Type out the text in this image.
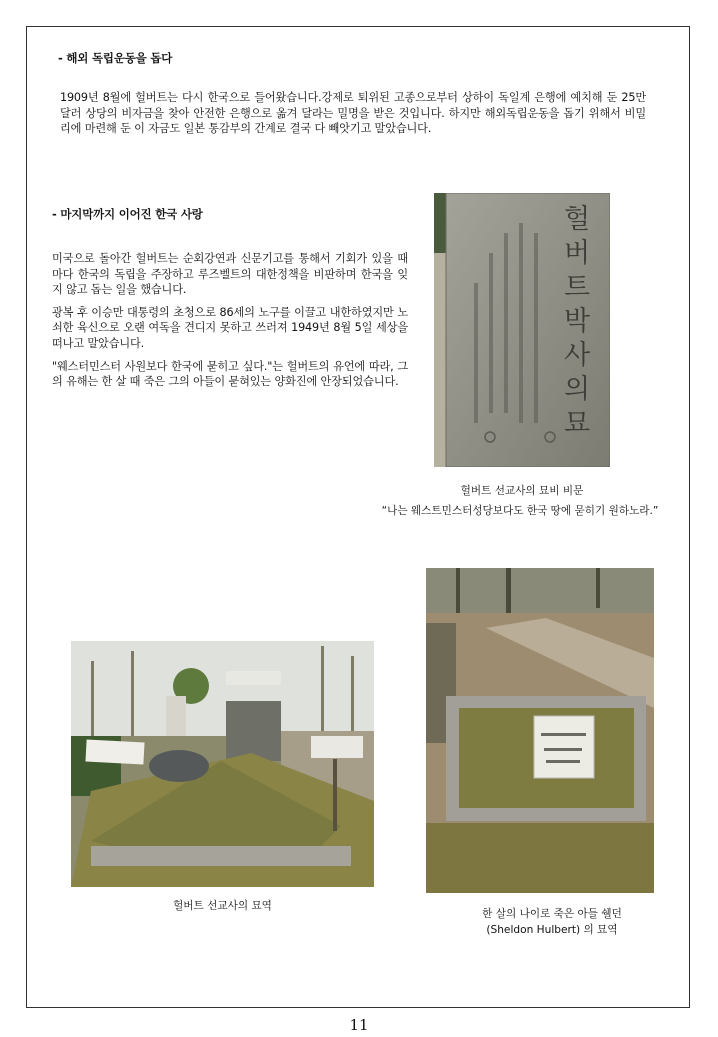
- 해외 독립운동을 돕다

1909년 8월에 헐버트는 다시 한국으로 들어왔습니다.강제로 퇴위된 고종으로부터 상하이 독일계 은행에 예치해 둔 25만 달러 상당의 비자금을 찾아 안전한 은행으로 옮겨 달라는 밀명을 받은 것입니다. 하지만 해외독립운동을 돕기 위해서 비밀리에 마련해 둔 이 자금도 일본 통감부의 간계로 결국 다 빼앗기고 말았습니다.

- 마지막까지 이어진 한국 사랑

미국으로 돌아간 헐버트는 순회강연과 신문기고를 통해서 기회가 있을 때마다 한국의 독립을 주장하고 루즈벨트의 대한정책을 비판하며 한국을 잊지 않고 돕는 일을 했습니다.

광복 후 이승만 대통령의 초청으로 86세의 노구를 이끌고 내한하였지만 노쇠한 육신으로 오랜 여독을 견디지 못하고 쓰러져 1949년 8월 5일 세상을 떠나고 말았습니다.

"웨스터민스터 사원보다 한국에 묻히고 싶다."는 헐버트의 유언에 따라, 그의 유해는 한 살 때 죽은 그의 아들이 묻혀있는 양화진에 안장되었습니다.

헐버트박사의묘
헐버트 선교사의 묘비 비문
“나는 웨스트민스터성당보다도 한국 땅에 묻히기 원하노라.”
헐버트 선교사의 묘역
한 살의 나이로 죽은 아들 쉘던
(Sheldon Hulbert) 의 묘역
11
